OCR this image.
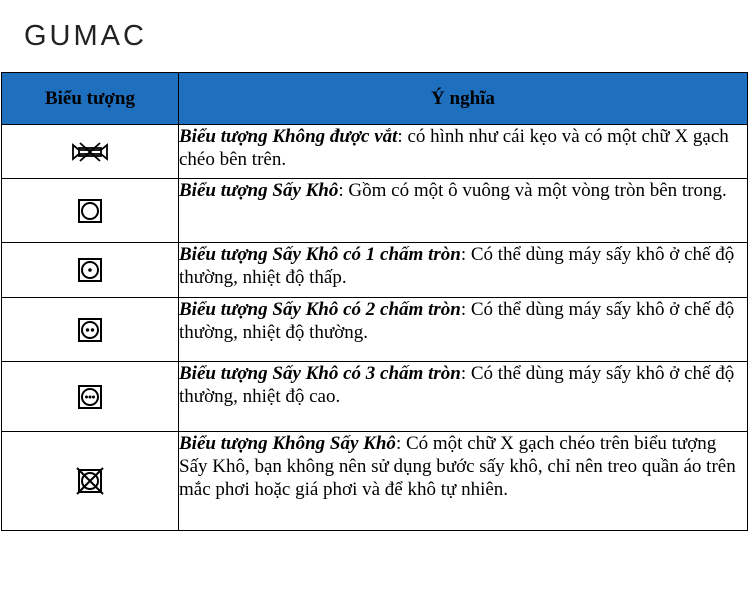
GUMAC
Biểu tượng	Ý nghĩa

	Biểu tượng Không được vắt: có hình như cái kẹo và có một chữ X gạch chéo bên trên.

	Biểu tượng Sấy Khô: Gồm có một ô vuông và một vòng tròn bên trong.

	Biểu tượng Sấy Khô có 1 chấm tròn: Có thể dùng máy sấy khô ở chế độ thường, nhiệt độ thấp.

	Biểu tượng Sấy Khô có 2 chấm tròn: Có thể dùng máy sấy khô ở chế độ thường, nhiệt độ thường.

	Biểu tượng Sấy Khô có 3 chấm tròn: Có thể dùng máy sấy khô ở chế độ thường, nhiệt độ cao.

	Biểu tượng Không Sấy Khô: Có một chữ X gạch chéo trên biểu tượng Sấy Khô, bạn không nên sử dụng bước sấy khô, chỉ nên treo quần áo trên mắc phơi hoặc giá phơi và để khô tự nhiên.
